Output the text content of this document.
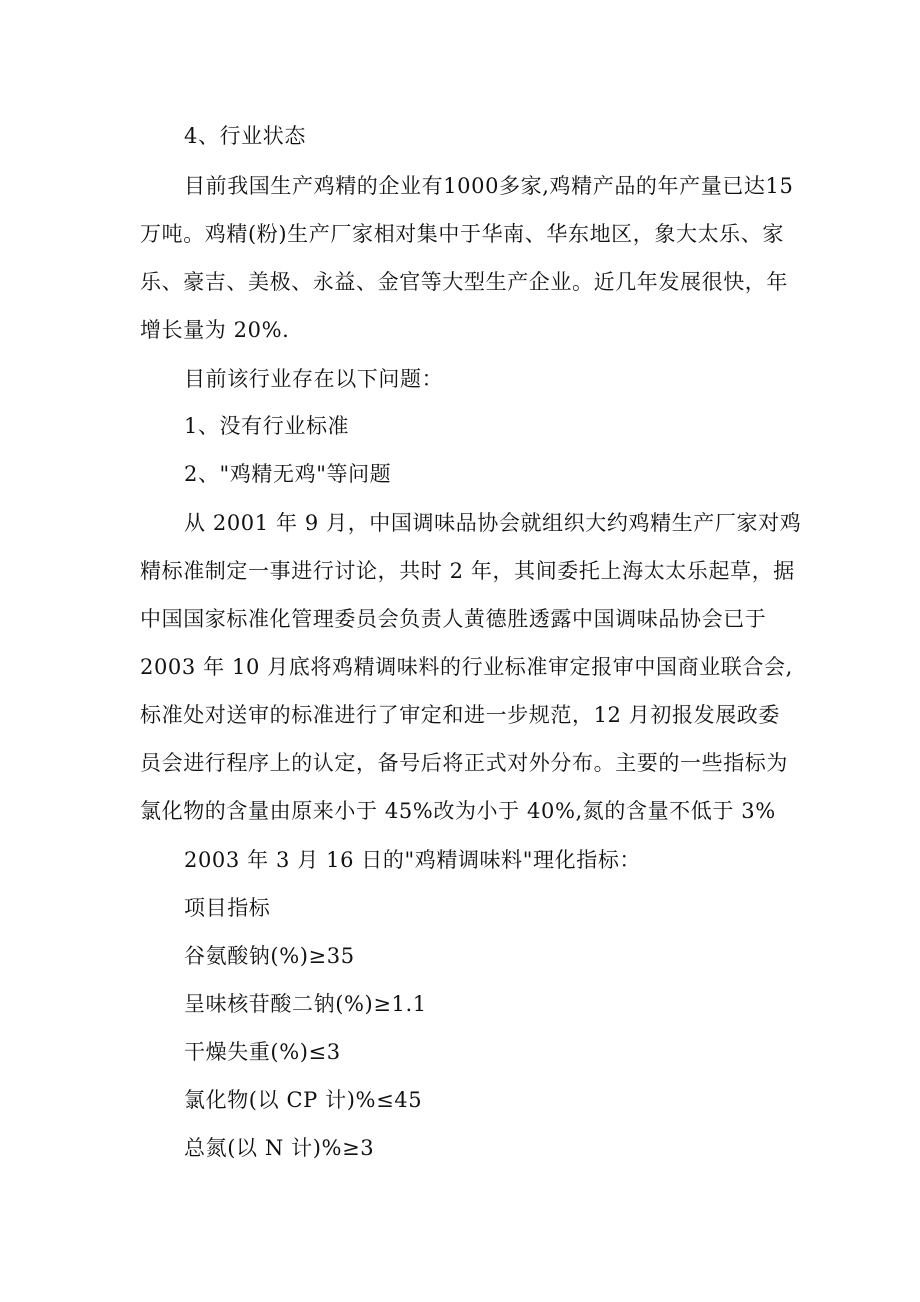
4、行业状态
目前我国生产鸡精的企业有1000多家,鸡精产品的年产量已达15
万吨。鸡精(粉)生产厂家相对集中于华南、华东地区，象大太乐、家
乐、豪吉、美极、永益、金官等大型生产企业。近几年发展很快，年
增长量为 20%.
目前该行业存在以下问题：
1、没有行业标准
2、"鸡精无鸡"等问题
从 2001 年 9 月，中国调味品协会就组织大约鸡精生产厂家对鸡
精标准制定一事进行讨论，共时 2 年，其间委托上海太太乐起草，据
中国国家标准化管理委员会负责人黄德胜透露中国调味品协会已于
2003 年 10 月底将鸡精调味料的行业标准审定报审中国商业联合会,
标准处对送审的标准进行了审定和进一步规范，12 月初报发展政委
员会进行程序上的认定，备号后将正式对外分布。主要的一些指标为
氯化物的含量由原来小于 45%改为小于 40%,氮的含量不低于 3%
2003 年 3 月 16 日的"鸡精调味料"理化指标：
项目指标
谷氨酸钠(%)≥35
呈味核苷酸二钠(%)≥1.1
干燥失重(%)≤3
氯化物(以 CP 计)%≤45
总氮(以 N 计)%≥3
